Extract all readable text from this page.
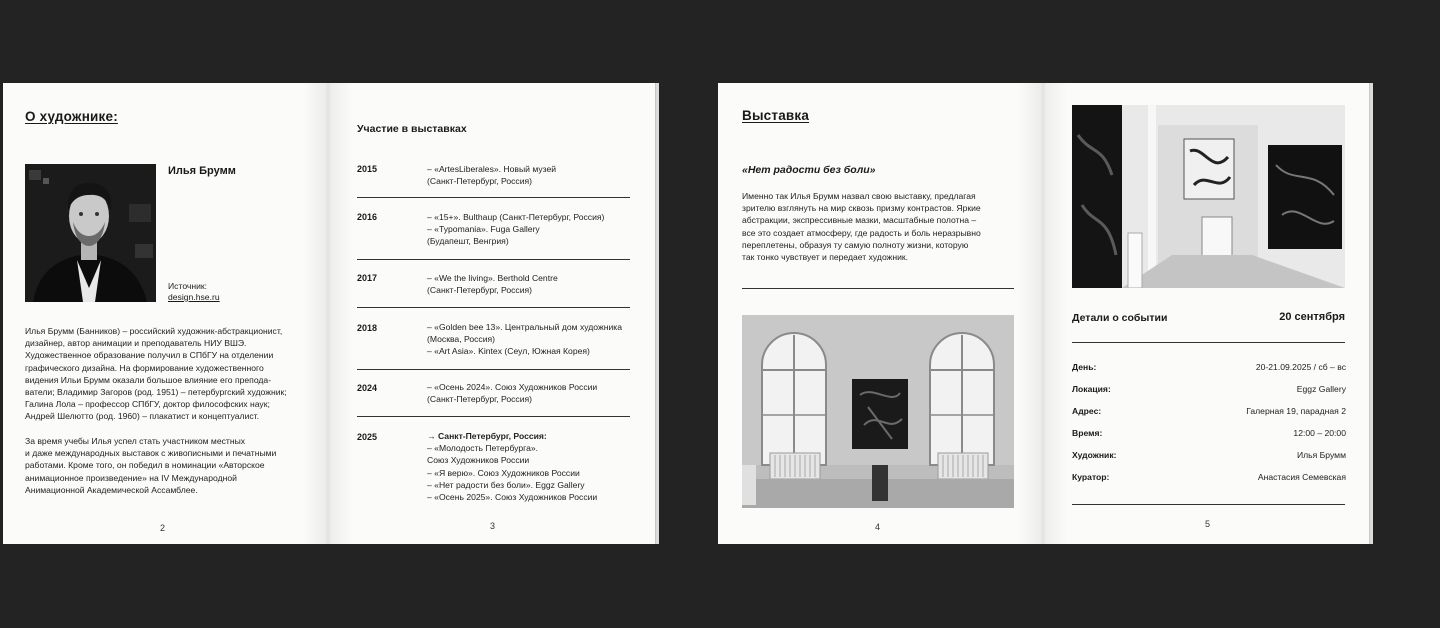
О художнике:
Илья Брумм
Источник:
design.hse.ru
Илья Брумм (Банников) – российский художник-абстракционист,
дизайнер, автор анимации и преподаватель НИУ ВШЭ.
Художественное образование получил в СПбГУ на отделении
графического дизайна. На формирование художественного
видения Ильи Брумм оказали большое влияние его препода-
ватели; Владимир Загоров (род. 1951) – петербургский художник;
Галина Лола – профессор СПбГУ, доктор философских наук;
Андрей Шелютто (род. 1960) – плакатист и концептуалист.
За время учебы Илья успел стать участником местных
и даже международных выставок с живописными и печатными
работами. Кроме того, он победил в номинации «Авторское
анимационное произведение» на IV Международной
Анимационной Академической Ассамблее.
2
Участие в выставках
2015	– «ArtesLiberales». Новый музей
(Санкт-Петербург, Россия)
2016	– «15+». Bulthaup (Санкт-Петербург, Россия)
– «Typomania». Fuga Gallery
(Будапешт, Венгрия)
2017	– «We the living». Berthold Centre
(Санкт-Петербург, Россия)
2018	– «Golden bee 13». Центральный дом художника
(Москва, Россия)
– «Art Asia». Kintex (Сеул, Южная Корея)
2024	– «Осень 2024». Союз Художников России
(Санкт-Петербург, Россия)
2025	→ Санкт-Петербург, Россия:
– «Молодость Петербурга».
Союз Художников России
– «Я верю». Союз Художников России
– «Нет радости без боли». Eggz Gallery
– «Осень 2025». Союз Художников России
3
Выставка
«Нет радости без боли»
Именно так Илья Брумм назвал свою выставку, предлагая
зрителю взглянуть на мир сквозь призму контрастов. Яркие
абстракции, экспрессивные мазки, масштабные полотна –
все это создает атмосферу, где радость и боль неразрывно
переплетены, образуя ту самую полноту жизни, которую
так тонко чувствует и передает художник.
4
Детали о событии	20 сентября
День:	20-21.09.2025 / сб – вс
Локация:	Eggz Gallery
Адрес:	Галерная 19, парадная 2
Время:	12:00 – 20:00
Художник:	Илья Брумм
Куратор:	Анастасия Семевская
5
